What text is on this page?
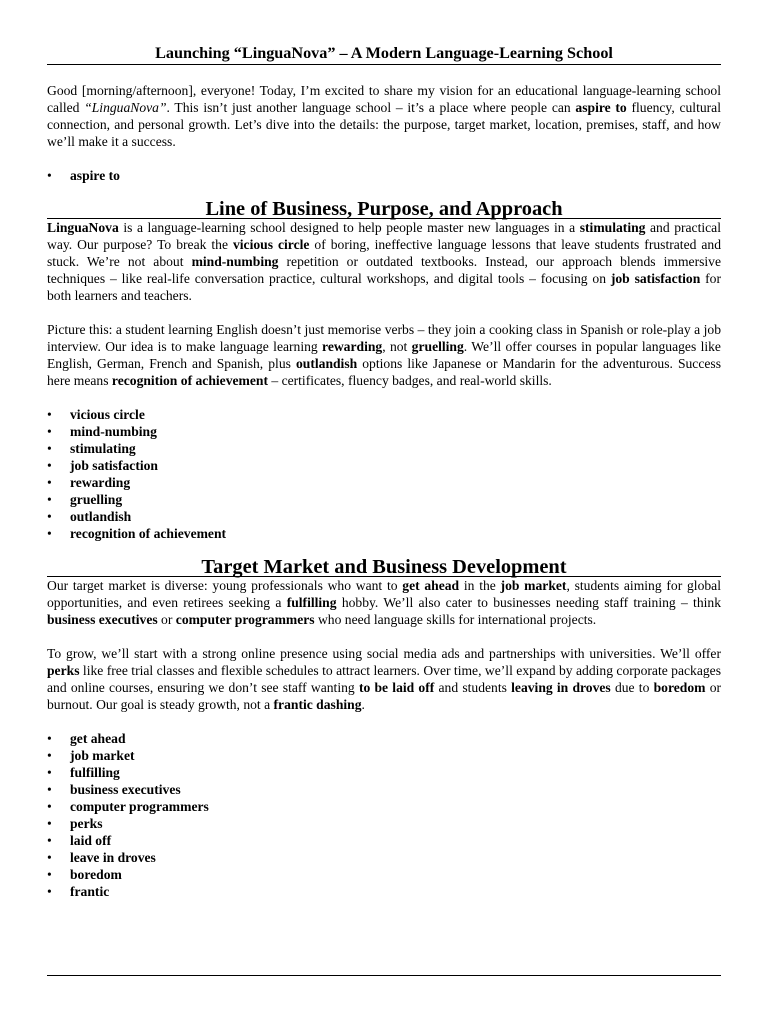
Launching “LinguaNova” – A Modern Language-Learning School

Good [morning/afternoon], everyone! Today, I’m excited to share my vision for an educational language-learning school called “LinguaNova”. This isn’t just another language school – it’s a place where people can aspire to fluency, cultural connection, and personal growth. Let’s dive into the details: the purpose, target market, location, premises, staff, and how we’ll make it a success.

• aspire to
Line of Business, Purpose, and Approach

LinguaNova is a language-learning school designed to help people master new languages in a stimulating and practical way. Our purpose? To break the vicious circle of boring, ineffective language lessons that leave students frustrated and stuck. We’re not about mind-numbing repetition or outdated textbooks. Instead, our approach blends immersive techniques – like real-life conversation practice, cultural workshops, and digital tools – focusing on job satisfaction for both learners and teachers.

Picture this: a student learning English doesn’t just memorise verbs – they join a cooking class in Spanish or role-play a job interview. Our idea is to make language learning rewarding, not gruelling. We’ll offer courses in popular languages like English, German, French and Spanish, plus outlandish options like Japanese or Mandarin for the adventurous. Success here means recognition of achievement – certificates, fluency badges, and real-world skills.

• vicious circle
• mind-numbing
• stimulating
• job satisfaction
• rewarding
• gruelling
• outlandish
• recognition of achievement
Target Market and Business Development

Our target market is diverse: young professionals who want to get ahead in the job market, students aiming for global opportunities, and even retirees seeking a fulfilling hobby. We’ll also cater to businesses needing staff training – think business executives or computer programmers who need language skills for international projects.

To grow, we’ll start with a strong online presence using social media ads and partnerships with universities. We’ll offer perks like free trial classes and flexible schedules to attract learners. Over time, we’ll expand by adding corporate packages and online courses, ensuring we don’t see staff wanting to be laid off and students leaving in droves due to boredom or burnout. Our goal is steady growth, not a frantic dashing.

• get ahead
• job market
• fulfilling
• business executives
• computer programmers
• perks
• laid off
• leave in droves
• boredom
• frantic
